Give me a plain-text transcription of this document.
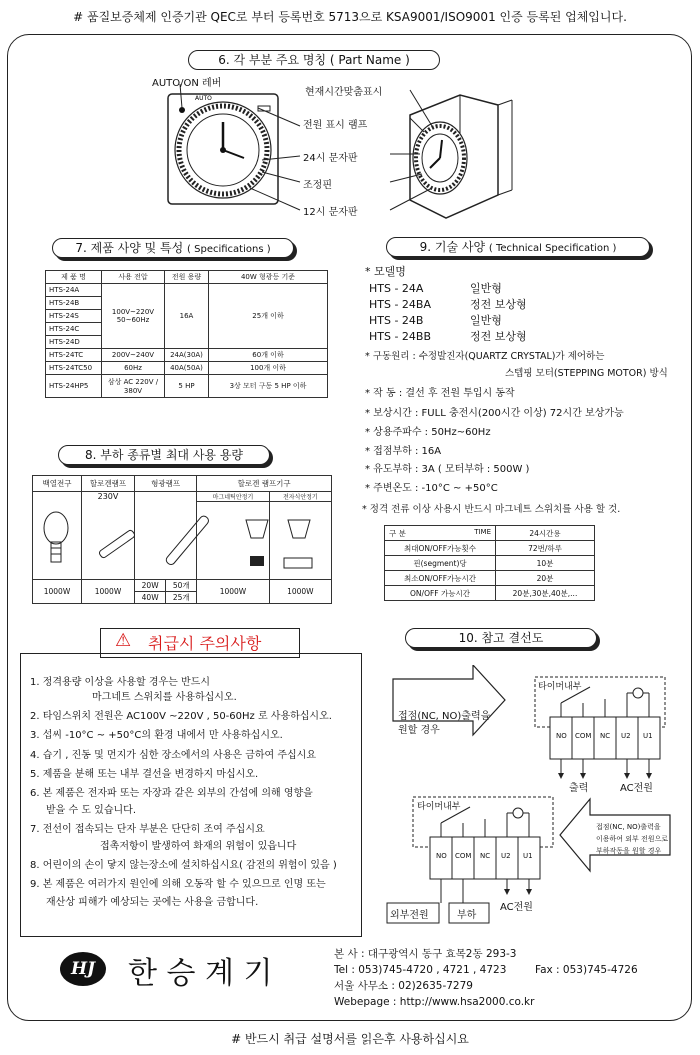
# 품질보증체제 인증기관 QEC로 부터 등록번호 5713으로 KSA9001/ISO9001 인증 등록된 업체입니다.
6. 각 부분 주요 명칭 ( Part Name )
AUTO
AUTO/ON 레버
현재시간맞춤표시
전원 표시 램프
24시 문자판
조정핀
12시 문자판
7. 제품 사양 및 특성 ( Specifications )
제 품 명	사용 전압	전원 용량	40W 형광등 기준
HTS-24A	100V~220V 50~60Hz	16A	25개 이하
HTS-24B			
HTS-24S			
HTS-24C			
HTS-24D			
HTS-24TC	200V~240V	24A(30A)	60개 이하
HTS-24TC50	60Hz	40A(50A)	100개 이하
HTS-24HP5	삼상 AC 220V / 380V	5 HP	3상 모터 구동 5 HP 이하
8. 부하 종류별 최대 사용 용량
백열전구	할로겐램프	형광램프		할로겐 램프기구	
	230V			마그네틱안정기	전자식안정기

1000W	1000W	20W	50개	1000W	1000W
		40W	25개		
9. 기술 사양 ( Technical Specification )
* 모델명
HTS - 24A	일반형
HTS - 24BA	정전 보상형
HTS - 24B	일반형
HTS - 24BB	정전 보상형
* 구동원리 : 수정발진자(QUARTZ CRYSTAL)가 제어하는
스텝핑 모터(STEPPING MOTOR) 방식
* 작 동 : 결선 후 전원 투입시 동작
* 보상시간 : FULL 충전시(200시간 이상) 72시간 보상가능
* 상용주파수 : 50Hz~60Hz
* 접점부하 : 16A
* 유도부하 : 3A ( 모터부하 : 500W )
* 주변온도 : -10°C ~ +50°C
* 정격 전류 이상 사용시 반드시 마그네트 스위치를 사용 할 것.
구 분 TIME	24시간용
최대ON/OFF가능횟수	72번/하루
핀(segment)당	10분
최소ON/OFF가능시간	20분
ON/OFF 가능시간	20분,30분,40분,...
⚠ 취급시 주의사항
1. 정격용량 이상을 사용할 경우는 반드시
마그네트 스위치를 사용하십시오.
2. 타임스위치 전원은 AC100V ~220V , 50-60Hz 로 사용하십시오.
3. 섭씨 -10°C ~ +50°C의 환경 내에서 만 사용하십시오.
4. 습기 , 진동 및 먼지가 심한 장소에서의 사용은 금하여 주십시요
5. 제품을 분해 또는 내부 결선을 변경하지 마십시오.
6. 본 제품은 전자파 또는 자장과 같은 외부의 간섭에 의해 영향을
받을 수 도 있습니다.
7. 전선이 접속되는 단자 부분은 단단히 조여 주십시요
접촉저항이 발생하여 화재의 위험이 있읍니다
8. 어린이의 손이 닿지 않는장소에 설치하십시요( 감전의 위험이 있음 )
9. 본 제품은 여러가지 원인에 의해 오동작 할 수 있으므로 인명 또는
재산상 피해가 예상되는 곳에는 사용을 금합니다.
10. 참고 결선도
타이머내부
접점(NC, NO)출력을
원할 경우	NO COM NC U2 U1
출력	AC전원
타이머내부
NO COM NC U2 U1
접점(NC, NO)출력을
이용하여 외부 전원으로
부하작동을 원할 경우
AC전원
외부전원	부하
HJ	한 승 계 기
본 사 : 대구광역시 동구 효목2동 293-3
Tel : 053)745-4720 , 4721 , 4723	Fax : 053)745-4726
서울 사무소 : 02)2635-7279
Webepage : http://www.hsa2000.co.kr
# 반드시 취급 설명서를 읽은후 사용하십시요
